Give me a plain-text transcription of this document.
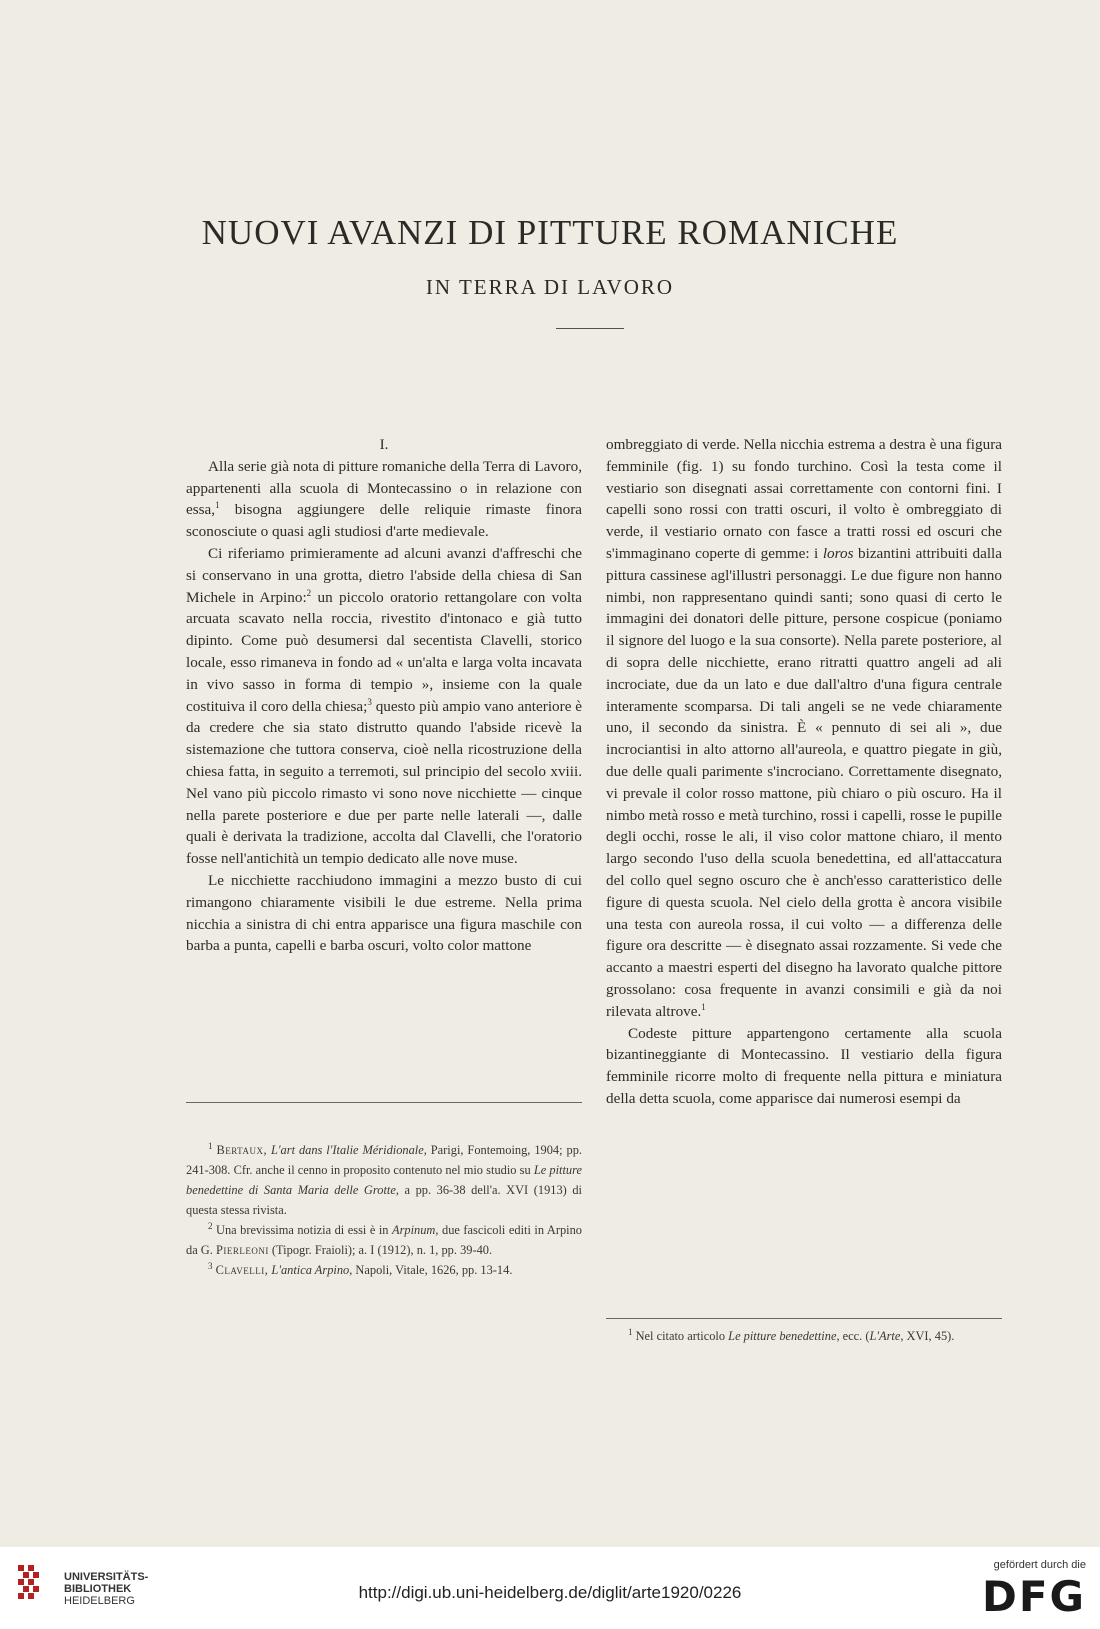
NUOVI AVANZI DI PITTURE ROMANICHE
IN TERRA DI LAVORO

I.

Alla serie già nota di pitture romaniche della Terra di Lavoro, appartenenti alla scuola di Montecassino o in relazione con essa,$^1$ bisogna aggiungere delle reliquie rimaste finora sconosciute o quasi agli studiosi d'arte medievale.

Ci riferiamo primieramente ad alcuni avanzi d'affreschi che si conservano in una grotta, dietro l'abside della chiesa di San Michele in Arpino:$^2$ un piccolo oratorio rettangolare con volta arcuata scavato nella roccia, rivestito d'intonaco e già tutto dipinto. Come può desumersi dal secentista Clavelli, storico locale, esso rimaneva in fondo ad « un'alta e larga volta incavata in vivo sasso in forma di tempio », insieme con la quale costituiva il coro della chiesa;$^3$ questo più ampio vano anteriore è da credere che sia stato distrutto quando l'abside ricevè la sistemazione che tuttora conserva, cioè nella ricostruzione della chiesa fatta, in seguito a terremoti, sul principio del secolo xviii. Nel vano più piccolo rimasto vi sono nove nicchiette — cinque nella parete posteriore e due per parte nelle laterali —, dalle quali è derivata la tradizione, accolta dal Clavelli, che l'oratorio fosse nell'antichità un tempio dedicato alle nove muse.

Le nicchiette racchiudono immagini a mezzo busto di cui rimangono chiaramente visibili le due estreme. Nella prima nicchia a sinistra di chi entra apparisce una figura maschile con barba a punta, capelli e barba oscuri, volto color mattone

$^1$ Bertaux, L'art dans l'Italie Méridionale, Parigi, Fontemoing, 1904; pp. 241-308. Cfr. anche il cenno in proposito contenuto nel mio studio su Le pitture benedettine di Santa Maria delle Grotte, a pp. 36-38 dell'a. XVI (1913) di questa stessa rivista.

$^2$ Una brevissima notizia di essi è in Arpinum, due fascicoli editi in Arpino da G. Pierleoni (Tipogr. Fraioli); a. I (1912), n. 1, pp. 39-40.

$^3$ Clavelli, L'antica Arpino, Napoli, Vitale, 1626, pp. 13-14.

ombreggiato di verde. Nella nicchia estrema a destra è una figura femminile (fig. 1) su fondo turchino. Così la testa come il vestiario son disegnati assai correttamente con contorni fini. I capelli sono rossi con tratti oscuri, il volto è ombreggiato di verde, il vestiario ornato con fasce a tratti rossi ed oscuri che s'immaginano coperte di gemme: i loros bizantini attribuiti dalla pittura cassinese agl'illustri personaggi. Le due figure non hanno nimbi, non rappresentano quindi santi; sono quasi di certo le immagini dei donatori delle pitture, persone cospicue (poniamo il signore del luogo e la sua consorte). Nella parete posteriore, al di sopra delle nicchiette, erano ritratti quattro angeli ad ali incrociate, due da un lato e due dall'altro d'una figura centrale interamente scomparsa. Di tali angeli se ne vede chiaramente uno, il secondo da sinistra. È « pennuto di sei ali », due incrociantisi in alto attorno all'aureola, e quattro piegate in giù, due delle quali parimente s'incrociano. Correttamente disegnato, vi prevale il color rosso mattone, più chiaro o più oscuro. Ha il nimbo metà rosso e metà turchino, rossi i capelli, rosse le pupille degli occhi, rosse le ali, il viso color mattone chiaro, il mento largo secondo l'uso della scuola benedettina, ed all'attaccatura del collo quel segno oscuro che è anch'esso caratteristico delle figure di questa scuola. Nel cielo della grotta è ancora visibile una testa con aureola rossa, il cui volto — a differenza delle figure ora descritte — è disegnato assai rozzamente. Si vede che accanto a maestri esperti del disegno ha lavorato qualche pittore grossolano: cosa frequente in avanzi consimili e già da noi rilevata altrove.$^1$

Codeste pitture appartengono certamente alla scuola bizantineggiante di Montecassino. Il vestiario della figura femminile ricorre molto di frequente nella pittura e miniatura della detta scuola, come apparisce dai numerosi esempi da

$^1$ Nel citato articolo Le pitture benedettine, ecc. (L'Arte, XVI, 45).

UNIVERSITÄTS-
BIBLIOTHEK
HEIDELBERG	http://digi.ub.uni-heidelberg.de/diglit/arte1920/0226
gefördert durch die
DFG
